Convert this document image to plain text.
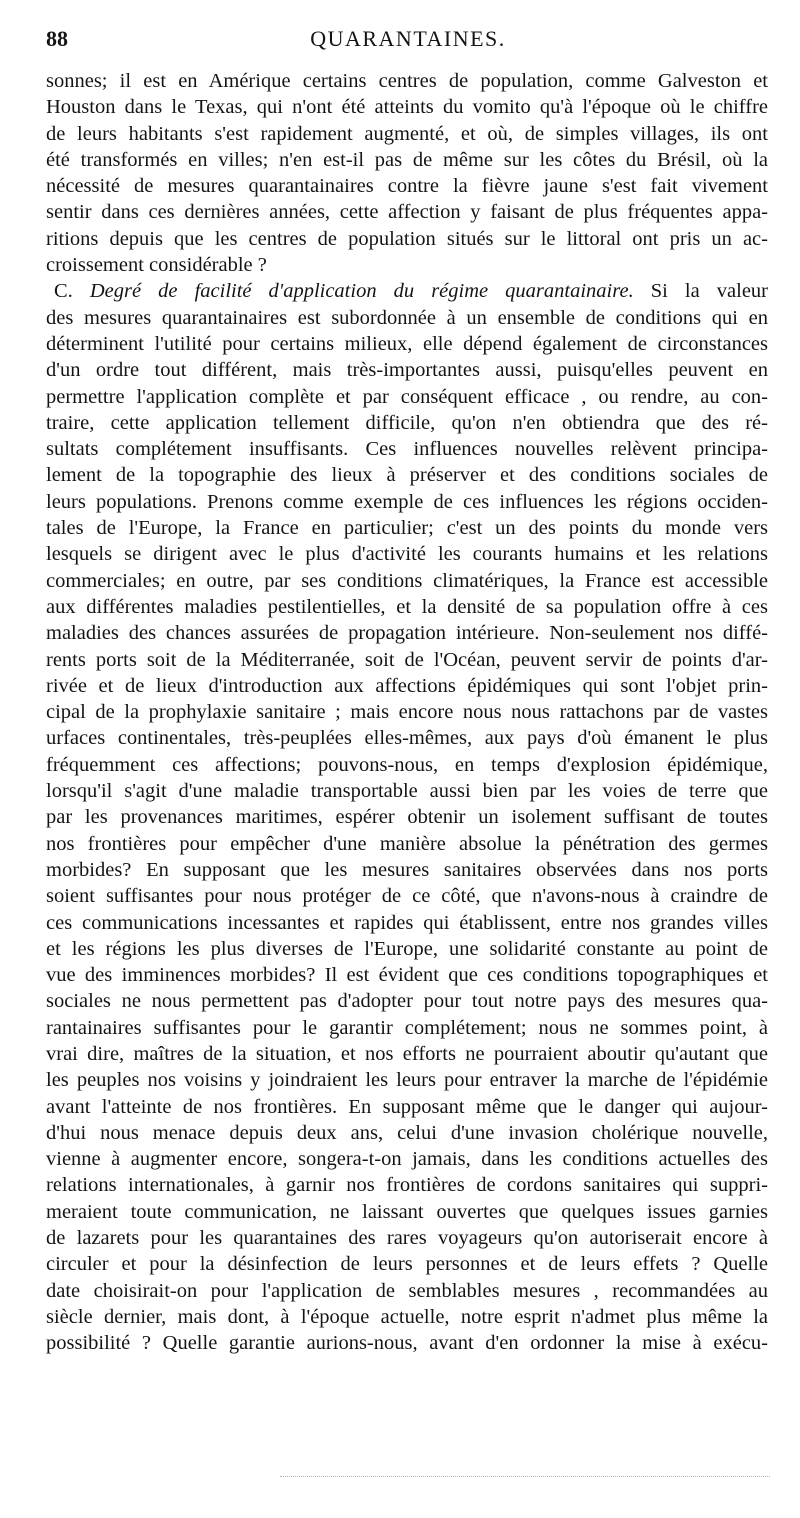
88	QUARANTAINES.
sonnes; il est en Amérique certains centres de population, comme Galveston et
Houston dans le Texas, qui n'ont été atteints du vomito qu'à l'époque où le chiffre
de leurs habitants s'est rapidement augmenté, et où, de simples villages, ils ont
été transformés en villes; n'en est-il pas de même sur les côtes du Brésil, où la
nécessité de mesures quarantainaires contre la fièvre jaune s'est fait vivement
sentir dans ces dernières années, cette affection y faisant de plus fréquentes appa-
ritions depuis que les centres de population situés sur le littoral ont pris un ac-
croissement considérable ?
C. Degré de facilité d'application du régime quarantainaire. Si la valeur
des mesures quarantainaires est subordonnée à un ensemble de conditions qui en
déterminent l'utilité pour certains milieux, elle dépend également de circonstances
d'un ordre tout différent, mais très-importantes aussi, puisqu'elles peuvent en
permettre l'application complète et par conséquent efficace , ou rendre, au con-
traire, cette application tellement difficile, qu'on n'en obtiendra que des ré-
sultats complétement insuffisants. Ces influences nouvelles relèvent principa-
lement de la topographie des lieux à préserver et des conditions sociales de
leurs populations. Prenons comme exemple de ces influences les régions occiden-
tales de l'Europe, la France en particulier; c'est un des points du monde vers
lesquels se dirigent avec le plus d'activité les courants humains et les relations
commerciales; en outre, par ses conditions climatériques, la France est accessible
aux différentes maladies pestilentielles, et la densité de sa population offre à ces
maladies des chances assurées de propagation intérieure. Non-seulement nos diffé-
rents ports soit de la Méditerranée, soit de l'Océan, peuvent servir de points d'ar-
rivée et de lieux d'introduction aux affections épidémiques qui sont l'objet prin-
cipal de la prophylaxie sanitaire ; mais encore nous nous rattachons par de vastes
urfaces continentales, très-peuplées elles-mêmes, aux pays d'où émanent le plus
fréquemment ces affections; pouvons-nous, en temps d'explosion épidémique,
lorsqu'il s'agit d'une maladie transportable aussi bien par les voies de terre que
par les provenances maritimes, espérer obtenir un isolement suffisant de toutes
nos frontières pour empêcher d'une manière absolue la pénétration des germes
morbides? En supposant que les mesures sanitaires observées dans nos ports
soient suffisantes pour nous protéger de ce côté, que n'avons-nous à craindre de
ces communications incessantes et rapides qui établissent, entre nos grandes villes
et les régions les plus diverses de l'Europe, une solidarité constante au point de
vue des imminences morbides? Il est évident que ces conditions topographiques et
sociales ne nous permettent pas d'adopter pour tout notre pays des mesures qua-
rantainaires suffisantes pour le garantir complétement; nous ne sommes point, à
vrai dire, maîtres de la situation, et nos efforts ne pourraient aboutir qu'autant que
les peuples nos voisins y joindraient les leurs pour entraver la marche de l'épidémie
avant l'atteinte de nos frontières. En supposant même que le danger qui aujour-
d'hui nous menace depuis deux ans, celui d'une invasion cholérique nouvelle,
vienne à augmenter encore, songera-t-on jamais, dans les conditions actuelles des
relations internationales, à garnir nos frontières de cordons sanitaires qui suppri-
meraient toute communication, ne laissant ouvertes que quelques issues garnies
de lazarets pour les quarantaines des rares voyageurs qu'on autoriserait encore à
circuler et pour la désinfection de leurs personnes et de leurs effets ? Quelle
date choisirait-on pour l'application de semblables mesures , recommandées au
siècle dernier, mais dont, à l'époque actuelle, notre esprit n'admet plus même la
possibilité ? Quelle garantie aurions-nous, avant d'en ordonner la mise à exécu-
